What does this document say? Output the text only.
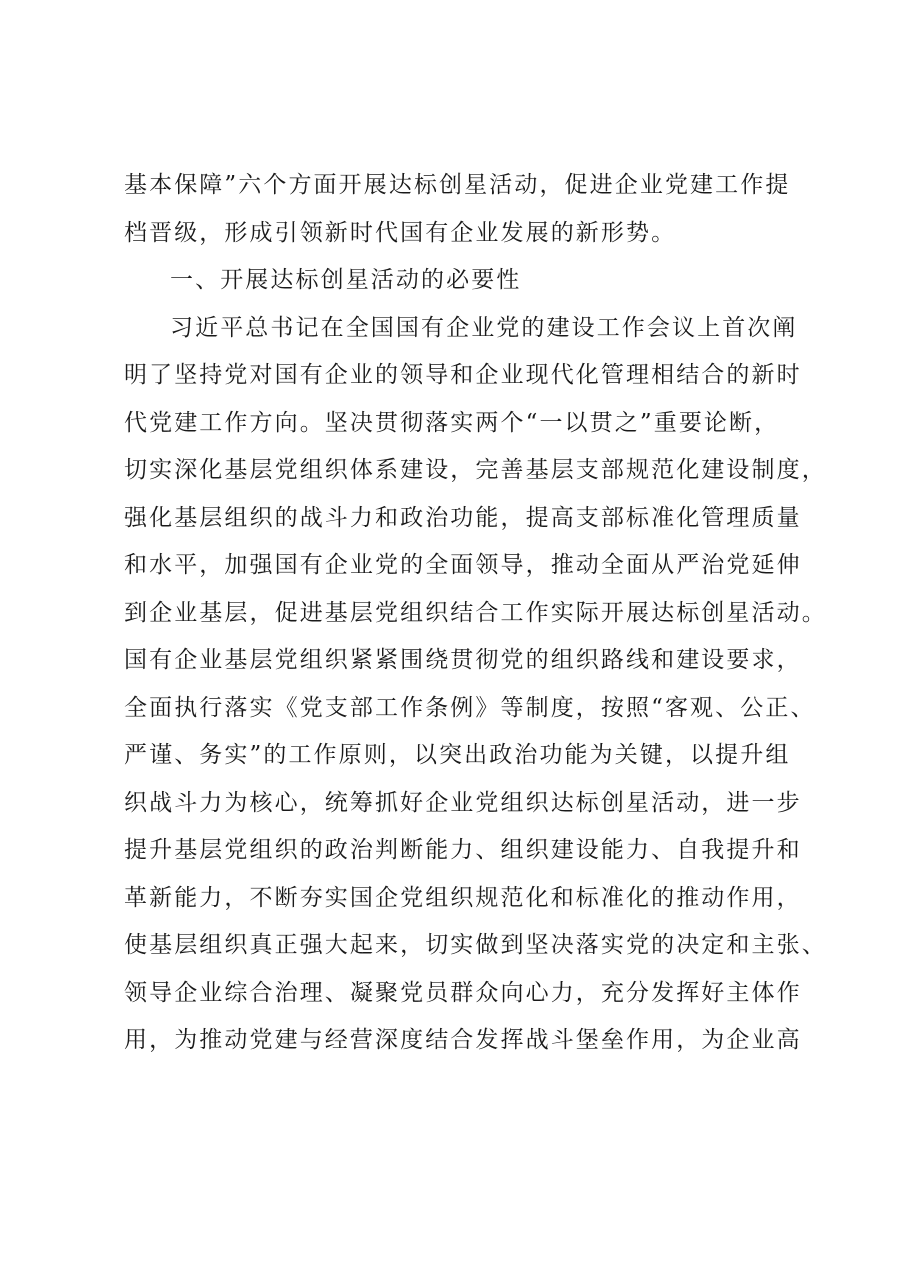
基本保障”六个方面开展达标创星活动，促进企业党建工作提
档晋级，形成引领新时代国有企业发展的新形势。
一、开展达标创星活动的必要性
习近平总书记在全国国有企业党的建设工作会议上首次阐
明了坚持党对国有企业的领导和企业现代化管理相结合的新时
代党建工作方向。坚决贯彻落实两个“一以贯之”重要论断，
切实深化基层党组织体系建设，完善基层支部规范化建设制度，
强化基层组织的战斗力和政治功能，提高支部标准化管理质量
和水平，加强国有企业党的全面领导，推动全面从严治党延伸
到企业基层，促进基层党组织结合工作实际开展达标创星活动。
国有企业基层党组织紧紧围绕贯彻党的组织路线和建设要求，
全面执行落实《党支部工作条例》等制度，按照“客观、公正、
严谨、务实”的工作原则，以突出政治功能为关键，以提升组
织战斗力为核心，统筹抓好企业党组织达标创星活动，进一步
提升基层党组织的政治判断能力、组织建设能力、自我提升和
革新能力，不断夯实国企党组织规范化和标准化的推动作用，
使基层组织真正强大起来，切实做到坚决落实党的决定和主张、
领导企业综合治理、凝聚党员群众向心力，充分发挥好主体作
用，为推动党建与经营深度结合发挥战斗堡垒作用，为企业高
